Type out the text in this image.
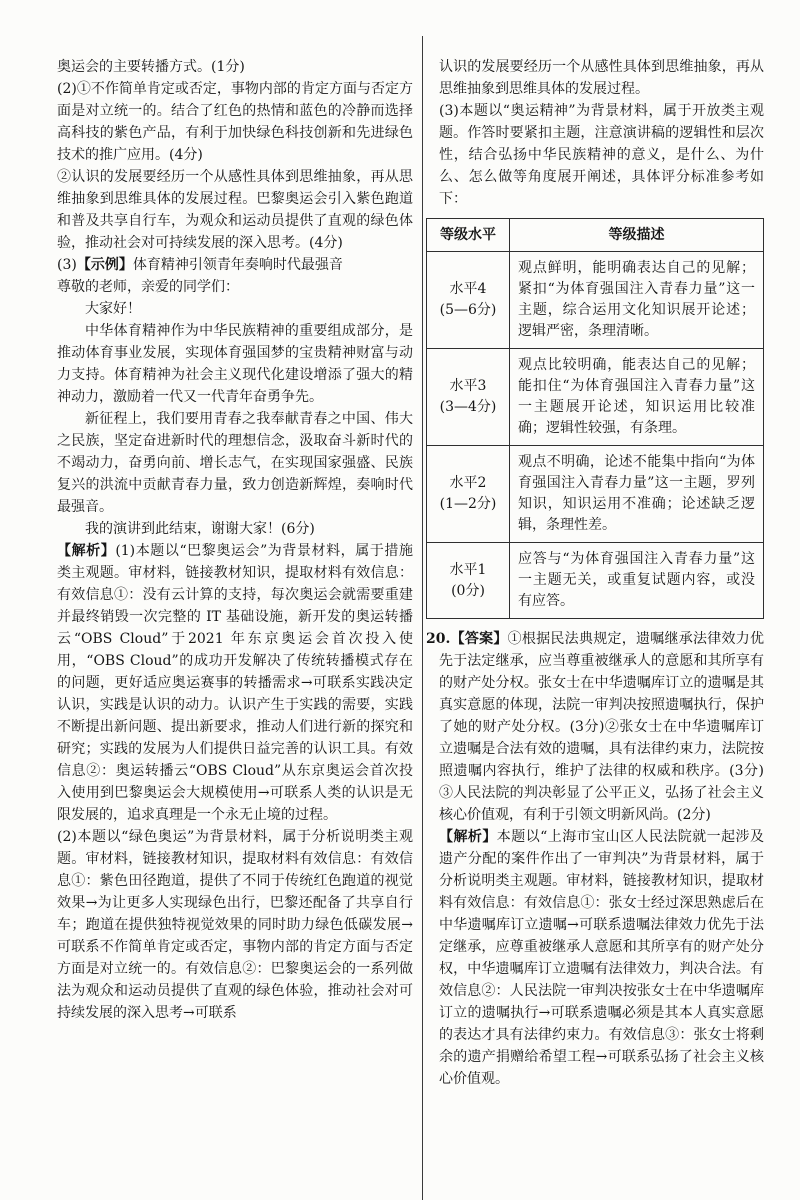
奥运会的主要转播方式。(1分)

(2)①不作简单肯定或否定，事物内部的肯定方面与否定方面是对立统一的。结合了红色的热情和蓝色的冷静而选择高科技的紫色产品，有利于加快绿色科技创新和先进绿色技术的推广应用。(4分)

②认识的发展要经历一个从感性具体到思维抽象，再从思维抽象到思维具体的发展过程。巴黎奥运会引入紫色跑道和普及共享自行车，为观众和运动员提供了直观的绿色体验，推动社会对可持续发展的深入思考。(4分)

(3)【示例】体育精神引领青年奏响时代最强音

尊敬的老师，亲爱的同学们：

大家好！

中华体育精神作为中华民族精神的重要组成部分，是推动体育事业发展，实现体育强国梦的宝贵精神财富与动力支持。体育精神为社会主义现代化建设增添了强大的精神动力，激励着一代又一代青年奋勇争先。

新征程上，我们要用青春之我奉献青春之中国、伟大之民族，坚定奋进新时代的理想信念，汲取奋斗新时代的不竭动力，奋勇向前、增长志气，在实现国家强盛、民族复兴的洪流中贡献青春力量，致力创造新辉煌，奏响时代最强音。

我的演讲到此结束，谢谢大家！(6分)

【解析】(1)本题以“巴黎奥运会”为背景材料，属于措施类主观题。审材料，链接教材知识，提取材料有效信息：有效信息①：没有云计算的支持，每次奥运会就需要重建并最终销毁一次完整的 IT 基础设施，新开发的奥运转播云“OBS Cloud”于2021 年东京奥运会首次投入使用，“OBS Cloud”的成功开发解决了传统转播模式存在的问题，更好适应奥运赛事的转播需求→可联系实践决定认识，实践是认识的动力。认识产生于实践的需要，实践不断提出新问题、提出新要求，推动人们进行新的探究和研究；实践的发展为人们提供日益完善的认识工具。有效信息②：奥运转播云“OBS Cloud”从东京奥运会首次投入使用到巴黎奥运会大规模使用→可联系人类的认识是无限发展的，追求真理是一个永无止境的过程。

(2)本题以“绿色奥运”为背景材料，属于分析说明类主观题。审材料，链接教材知识，提取材料有效信息：有效信息①：紫色田径跑道，提供了不同于传统红色跑道的视觉效果→为让更多人实现绿色出行，巴黎还配备了共享自行车；跑道在提供独特视觉效果的同时助力绿色低碳发展→可联系不作简单肯定或否定，事物内部的肯定方面与否定方面是对立统一的。有效信息②：巴黎奥运会的一系列做法为观众和运动员提供了直观的绿色体验，推动社会对可持续发展的深入思考→可联系

认识的发展要经历一个从感性具体到思维抽象，再从思维抽象到思维具体的发展过程。

(3)本题以“奥运精神”为背景材料，属于开放类主观题。作答时要紧扣主题，注意演讲稿的逻辑性和层次性，结合弘扬中华民族精神的意义，是什么、为什么、怎么做等角度展开阐述，具体评分标准参考如下：

等级水平	等级描述

水平4
(5—6分)	观点鲜明，能明确表达自己的见解；紧扣“为体育强国注入青春力量”这一主题，综合运用文化知识展开论述；逻辑严密，条理清晰。

水平3
(3—4分)	观点比较明确，能表达自己的见解；能扣住“为体育强国注入青春力量”这一主题展开论述，知识运用比较准确；逻辑性较强，有条理。

水平2
(1—2分)	观点不明确，论述不能集中指向“为体育强国注入青春力量”这一主题，罗列知识，知识运用不准确；论述缺乏逻辑，条理性差。

水平1
(0分)	应答与“为体育强国注入青春力量”这一主题无关，或重复试题内容，或没有应答。

20.【答案】①根据民法典规定，遗嘱继承法律效力优先于法定继承，应当尊重被继承人的意愿和其所享有的财产处分权。张女士在中华遗嘱库订立的遗嘱是其真实意愿的体现，法院一审判决按照遗嘱执行，保护了她的财产处分权。(3分)②张女士在中华遗嘱库订立遗嘱是合法有效的遗嘱，具有法律约束力，法院按照遗嘱内容执行，维护了法律的权威和秩序。(3分)③人民法院的判决彰显了公平正义，弘扬了社会主义核心价值观，有利于引领文明新风尚。(2分)

【解析】本题以“上海市宝山区人民法院就一起涉及遗产分配的案件作出了一审判决”为背景材料，属于分析说明类主观题。审材料，链接教材知识，提取材料有效信息：有效信息①：张女士经过深思熟虑后在中华遗嘱库订立遗嘱→可联系遗嘱法律效力优先于法定继承，应尊重被继承人意愿和其所享有的财产处分权，中华遗嘱库订立遗嘱有法律效力，判决合法。有效信息②：人民法院一审判决按张女士在中华遗嘱库订立的遗嘱执行→可联系遗嘱必须是其本人真实意愿的表达才具有法律约束力。有效信息③：张女士将剩余的遗产捐赠给希望工程→可联系弘扬了社会主义核心价值观。
